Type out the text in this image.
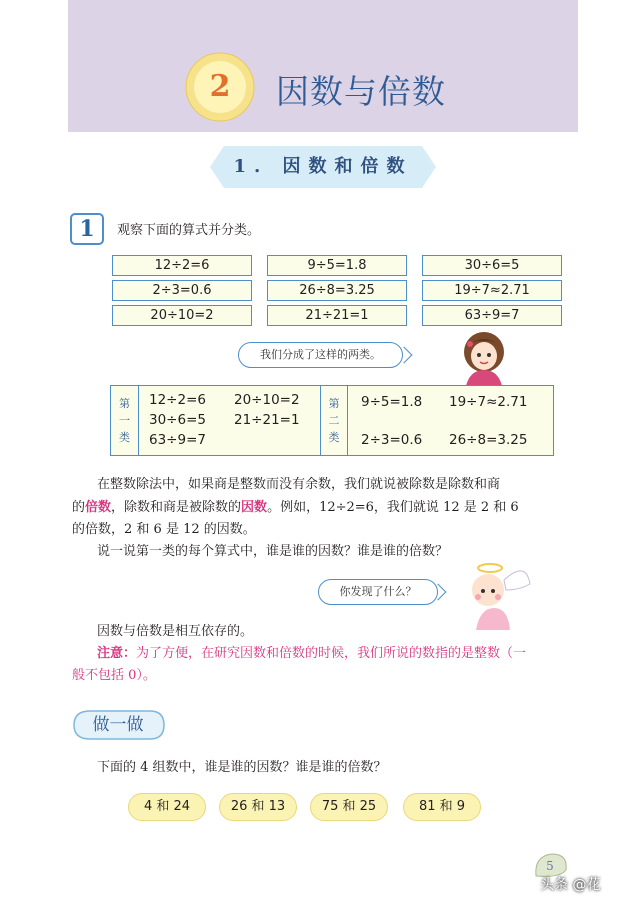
2	因数与倍数
1. 因数和倍数
1	观察下面的算式并分类。
12÷2=6	9÷5=1.8	30÷6=5
2÷3=0.6̇	26÷8=3.25	19÷7≈2.71
20÷10=2	21÷21=1	63÷9=7
我们分成了这样的两类。
第
一
类
12÷2=6 20÷10=2
30÷6=5 21÷21=1
63÷9=7
第
二
类
9÷5=1.8 19÷7≈2.71
2÷3=0.6̇ 26÷8=3.25
在整数除法中，如果商是整数而没有余数，我们就说被除数是除数和商
的倍数，除数和商是被除数的因数。例如，12÷2=6，我们就说 12 是 2 和 6
的倍数，2 和 6 是 12 的因数。
说一说第一类的每个算式中，谁是谁的因数？谁是谁的倍数？
你发现了什么？
因数与倍数是相互依存的。
注意：为了方便，在研究因数和倍数的时候，我们所说的数指的是整数（一
般不包括 0）。
做一做
下面的 4 组数中，谁是谁的因数？谁是谁的倍数？
4 和 24	26 和 13	75 和 25	81 和 9
5
头条 @花
